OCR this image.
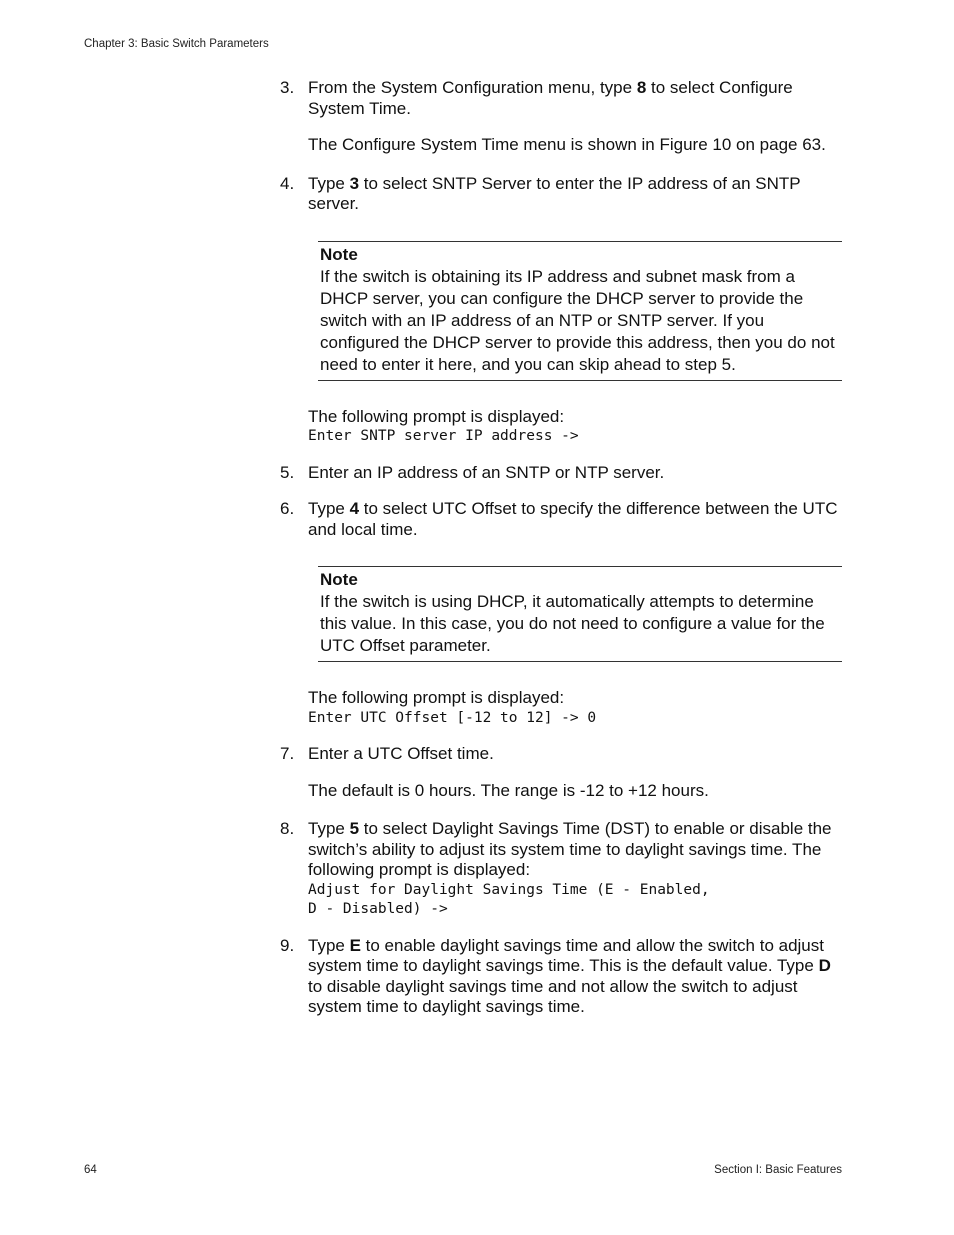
Chapter 3: Basic Switch Parameters
3. From the System Configuration menu, type 8 to select Configure System Time.

The Configure System Time menu is shown in Figure 10 on page 63.

4. Type 3 to select SNTP Server to enter the IP address of an SNTP server.

Note
If the switch is obtaining its IP address and subnet mask from a DHCP server, you can configure the DHCP server to provide the switch with an IP address of an NTP or SNTP server. If you configured the DHCP server to provide this address, then you do not need to enter it here, and you can skip ahead to step 5.

The following prompt is displayed:

Enter SNTP server IP address ->
5. Enter an IP address of an SNTP or NTP server.

6. Type 4 to select UTC Offset to specify the difference between the UTC and local time.

Note
If the switch is using DHCP, it automatically attempts to determine this value. In this case, you do not need to configure a value for the UTC Offset parameter.

The following prompt is displayed:

Enter UTC Offset [-12 to 12] -> 0
7. Enter a UTC Offset time.

The default is 0 hours. The range is -12 to +12 hours.

8. Type 5 to select Daylight Savings Time (DST) to enable or disable the switch’s ability to adjust its system time to daylight savings time. The following prompt is displayed:

Adjust for Daylight Savings Time (E - Enabled,
D - Disabled) ->
9. Type E to enable daylight savings time and allow the switch to adjust system time to daylight savings time. This is the default value. Type D to disable daylight savings time and not allow the switch to adjust system time to daylight savings time.

64	Section I: Basic Features
